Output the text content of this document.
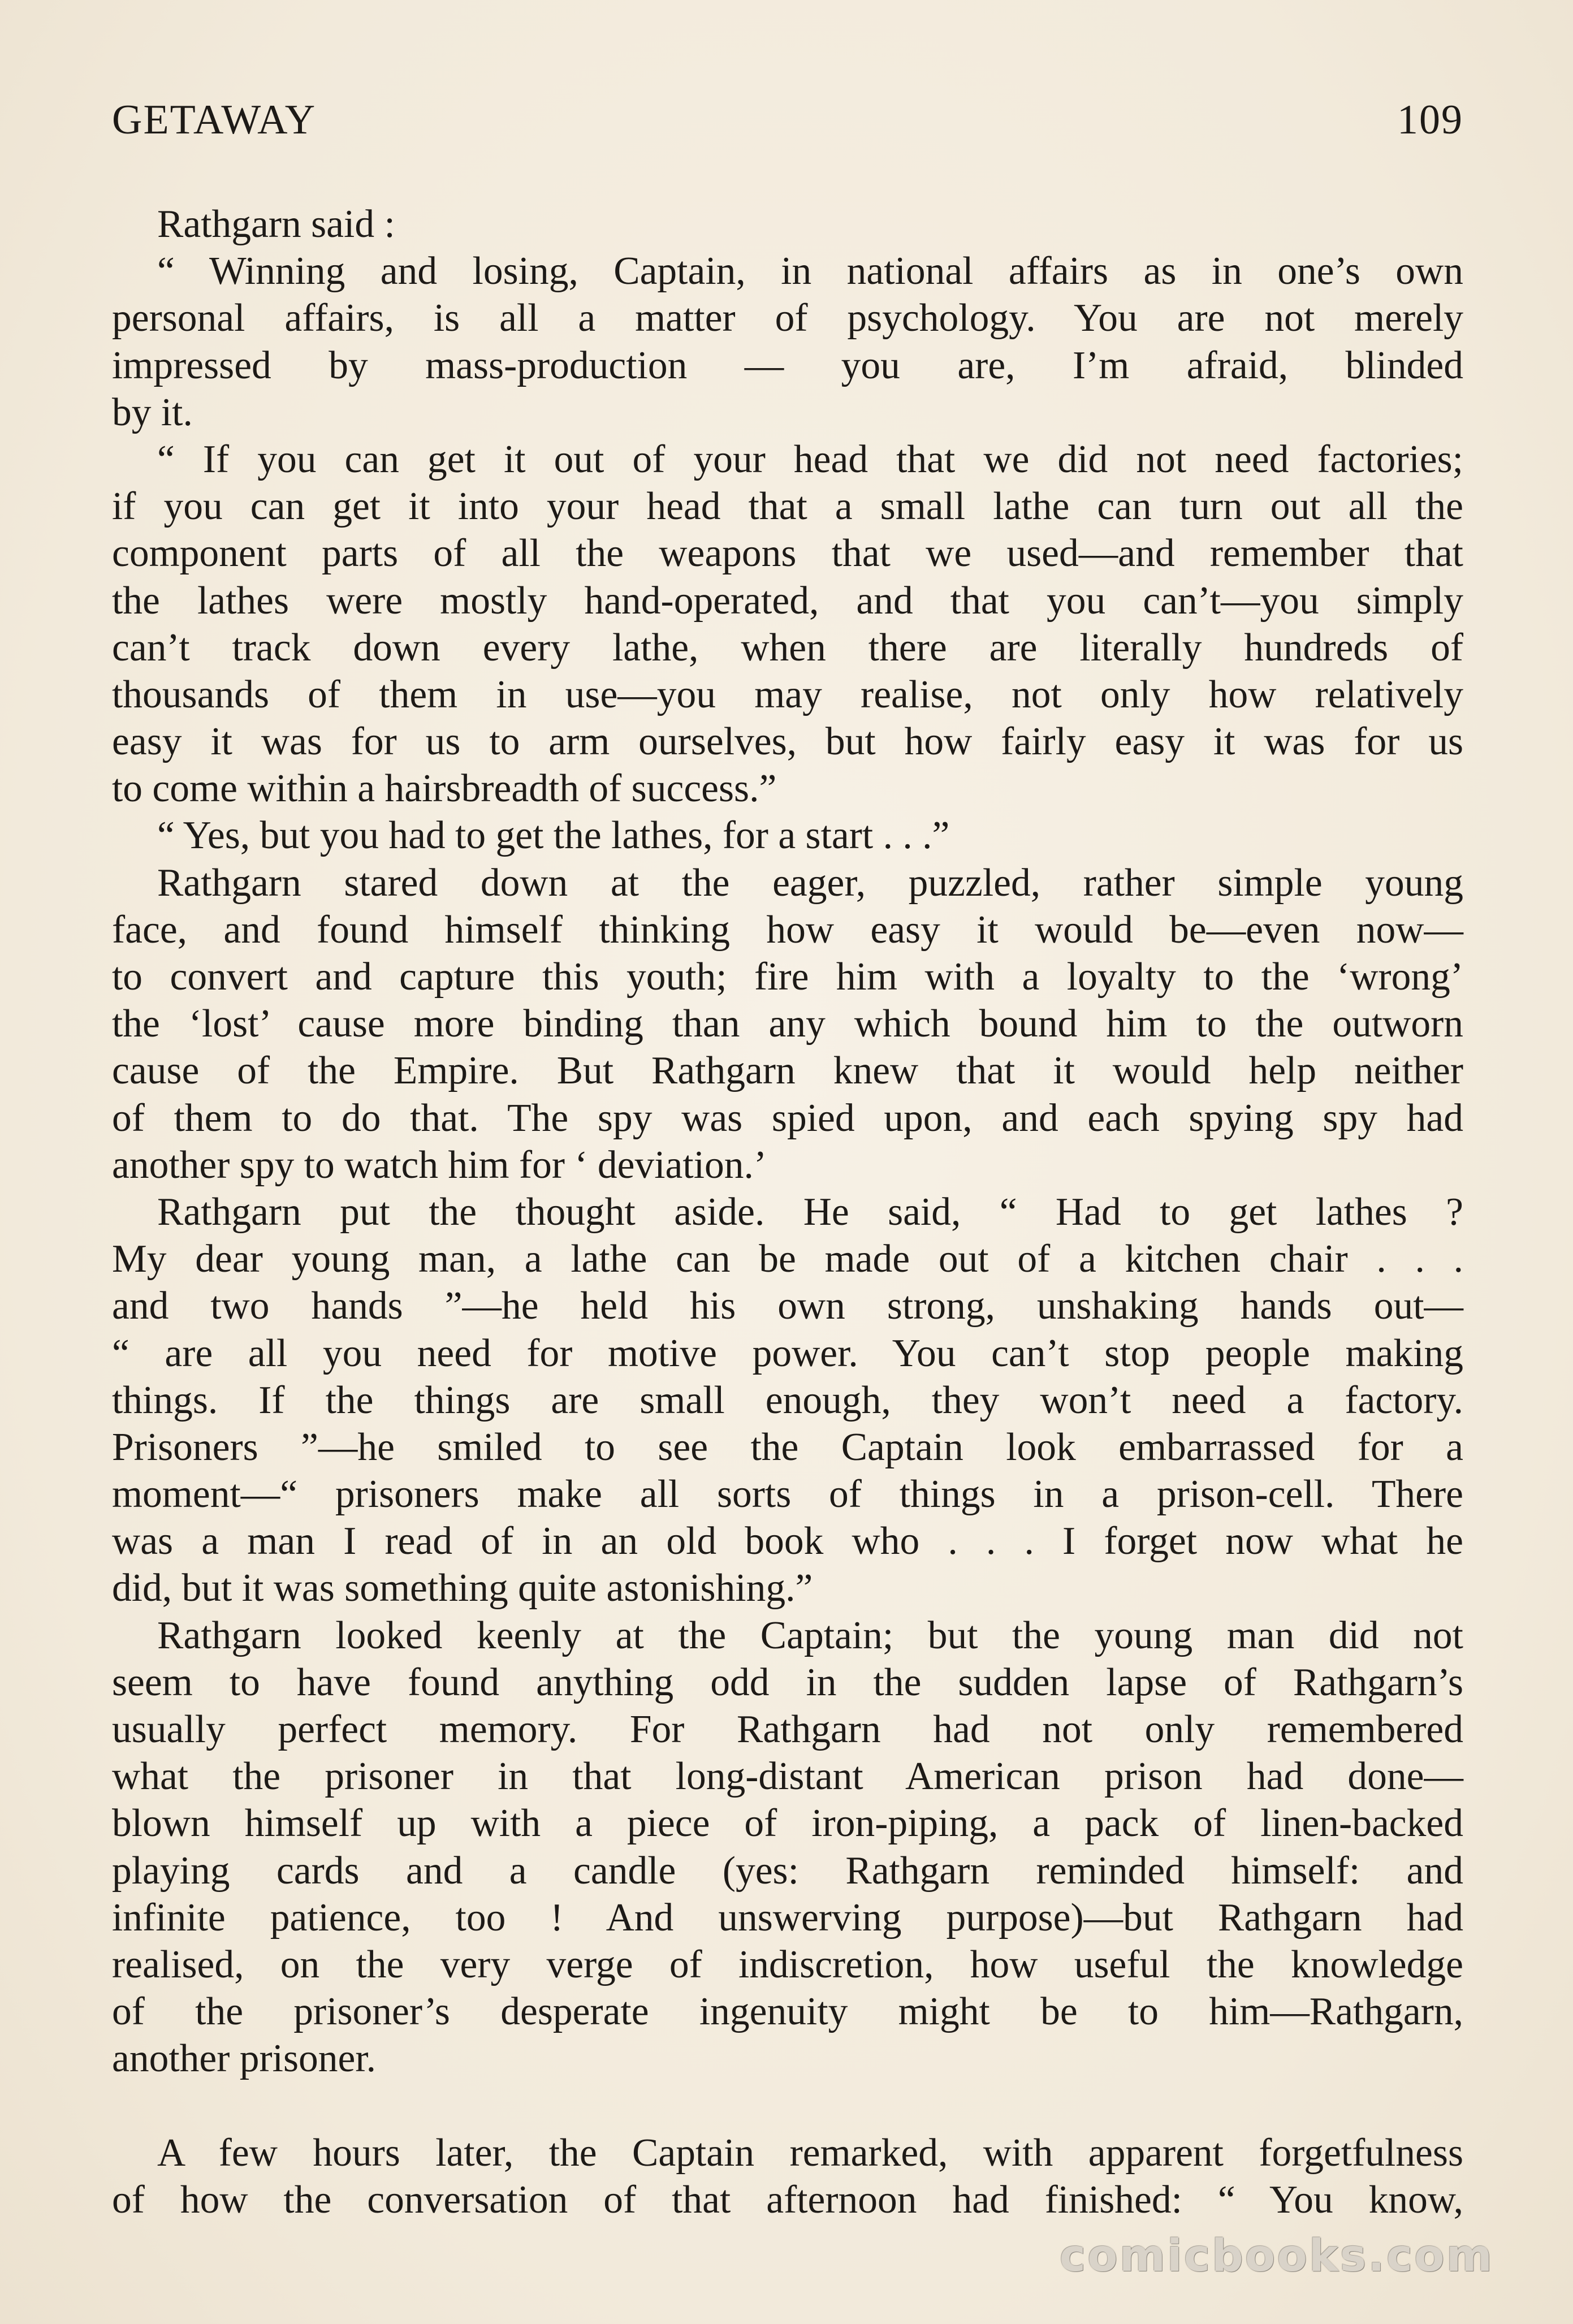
GETAWAY	109
Rathgarn said :
“ Winning and losing, Captain, in national affairs as in one’s own
personal affairs, is all a matter of psychology. You are not merely
impressed by mass-production — you are, I’m afraid, blinded
by it.
“ If you can get it out of your head that we did not need factories;
if you can get it into your head that a small lathe can turn out all the
component parts of all the weapons that we used—and remember that
the lathes were mostly hand-operated, and that you can’t—you simply
can’t track down every lathe, when there are literally hundreds of
thousands of them in use—you may realise, not only how relatively
easy it was for us to arm ourselves, but how fairly easy it was for us
to come within a hairsbreadth of success.”
“ Yes, but you had to get the lathes, for a start . . .”
Rathgarn stared down at the eager, puzzled, rather simple young
face, and found himself thinking how easy it would be—even now—
to convert and capture this youth; fire him with a loyalty to the ‘wrong’
the ‘lost’ cause more binding than any which bound him to the outworn
cause of the Empire. But Rathgarn knew that it would help neither
of them to do that. The spy was spied upon, and each spying spy had
another spy to watch him for ‘ deviation.’
Rathgarn put the thought aside. He said, “ Had to get lathes ?
My dear young man, a lathe can be made out of a kitchen chair . . .
and two hands ”—he held his own strong, unshaking hands out—
“ are all you need for motive power. You can’t stop people making
things. If the things are small enough, they won’t need a factory.
Prisoners ”—he smiled to see the Captain look embarrassed for a
moment—“ prisoners make all sorts of things in a prison-cell. There
was a man I read of in an old book who . . . I forget now what he
did, but it was something quite astonishing.”
Rathgarn looked keenly at the Captain; but the young man did not
seem to have found anything odd in the sudden lapse of Rathgarn’s
usually perfect memory. For Rathgarn had not only remembered
what the prisoner in that long-distant American prison had done—
blown himself up with a piece of iron-piping, a pack of linen-backed
playing cards and a candle (yes: Rathgarn reminded himself: and
infinite patience, too ! And unswerving purpose)—but Rathgarn had
realised, on the very verge of indiscretion, how useful the knowledge
of the prisoner’s desperate ingenuity might be to him—Rathgarn,
another prisoner.
A few hours later, the Captain remarked, with apparent forgetfulness
of how the conversation of that afternoon had finished: “ You know,
comicbooks.com
